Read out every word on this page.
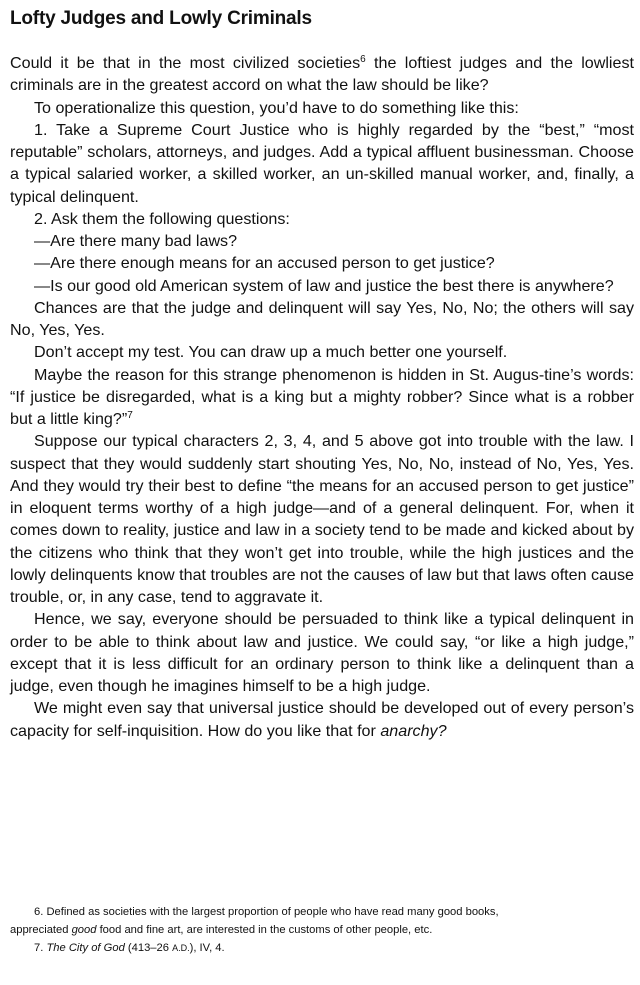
Lofty Judges and Lowly Criminals

Could it be that in the most civilized societies$^6$ the loftiest judges and the lowliest criminals are in the greatest accord on what the law should be like?

To operationalize this question, you’d have to do something like this:

1. Take a Supreme Court Justice who is highly regarded by the “best,” “most reputable” scholars, attorneys, and judges. Add a typical affluent businessman. Choose a typical salaried worker, a skilled worker, an un-skilled manual worker, and, finally, a typical delinquent.

2. Ask them the following questions:

—Are there many bad laws?

—Are there enough means for an accused person to get justice?

—Is our good old American system of law and justice the best there is anywhere?

Chances are that the judge and delinquent will say Yes, No, No; the others will say No, Yes, Yes.

Don’t accept my test. You can draw up a much better one yourself.

Maybe the reason for this strange phenomenon is hidden in St. Augus-tine’s words: “If justice be disregarded, what is a king but a mighty robber? Since what is a robber but a little king?”$^7$

Suppose our typical characters 2, 3, 4, and 5 above got into trouble with the law. I suspect that they would suddenly start shouting Yes, No, No, instead of No, Yes, Yes. And they would try their best to define “the means for an accused person to get justice” in eloquent terms worthy of a high judge—and of a general delinquent. For, when it comes down to reality, justice and law in a society tend to be made and kicked about by the citizens who think that they won’t get into trouble, while the high justices and the lowly delinquents know that troubles are not the causes of law but that laws often cause trouble, or, in any case, tend to aggravate it.

Hence, we say, everyone should be persuaded to think like a typical delinquent in order to be able to think about law and justice. We could say, “or like a high judge,” except that it is less difficult for an ordinary person to think like a delinquent than a judge, even though he imagines himself to be a high judge.

We might even say that universal justice should be developed out of every person’s capacity for self-inquisition. How do you like that for anarchy?

6. Defined as societies with the largest proportion of people who have read many good books,

appreciated good food and fine art, are interested in the customs of other people, etc.

7. The City of God (413–26 A.D.), IV, 4.
